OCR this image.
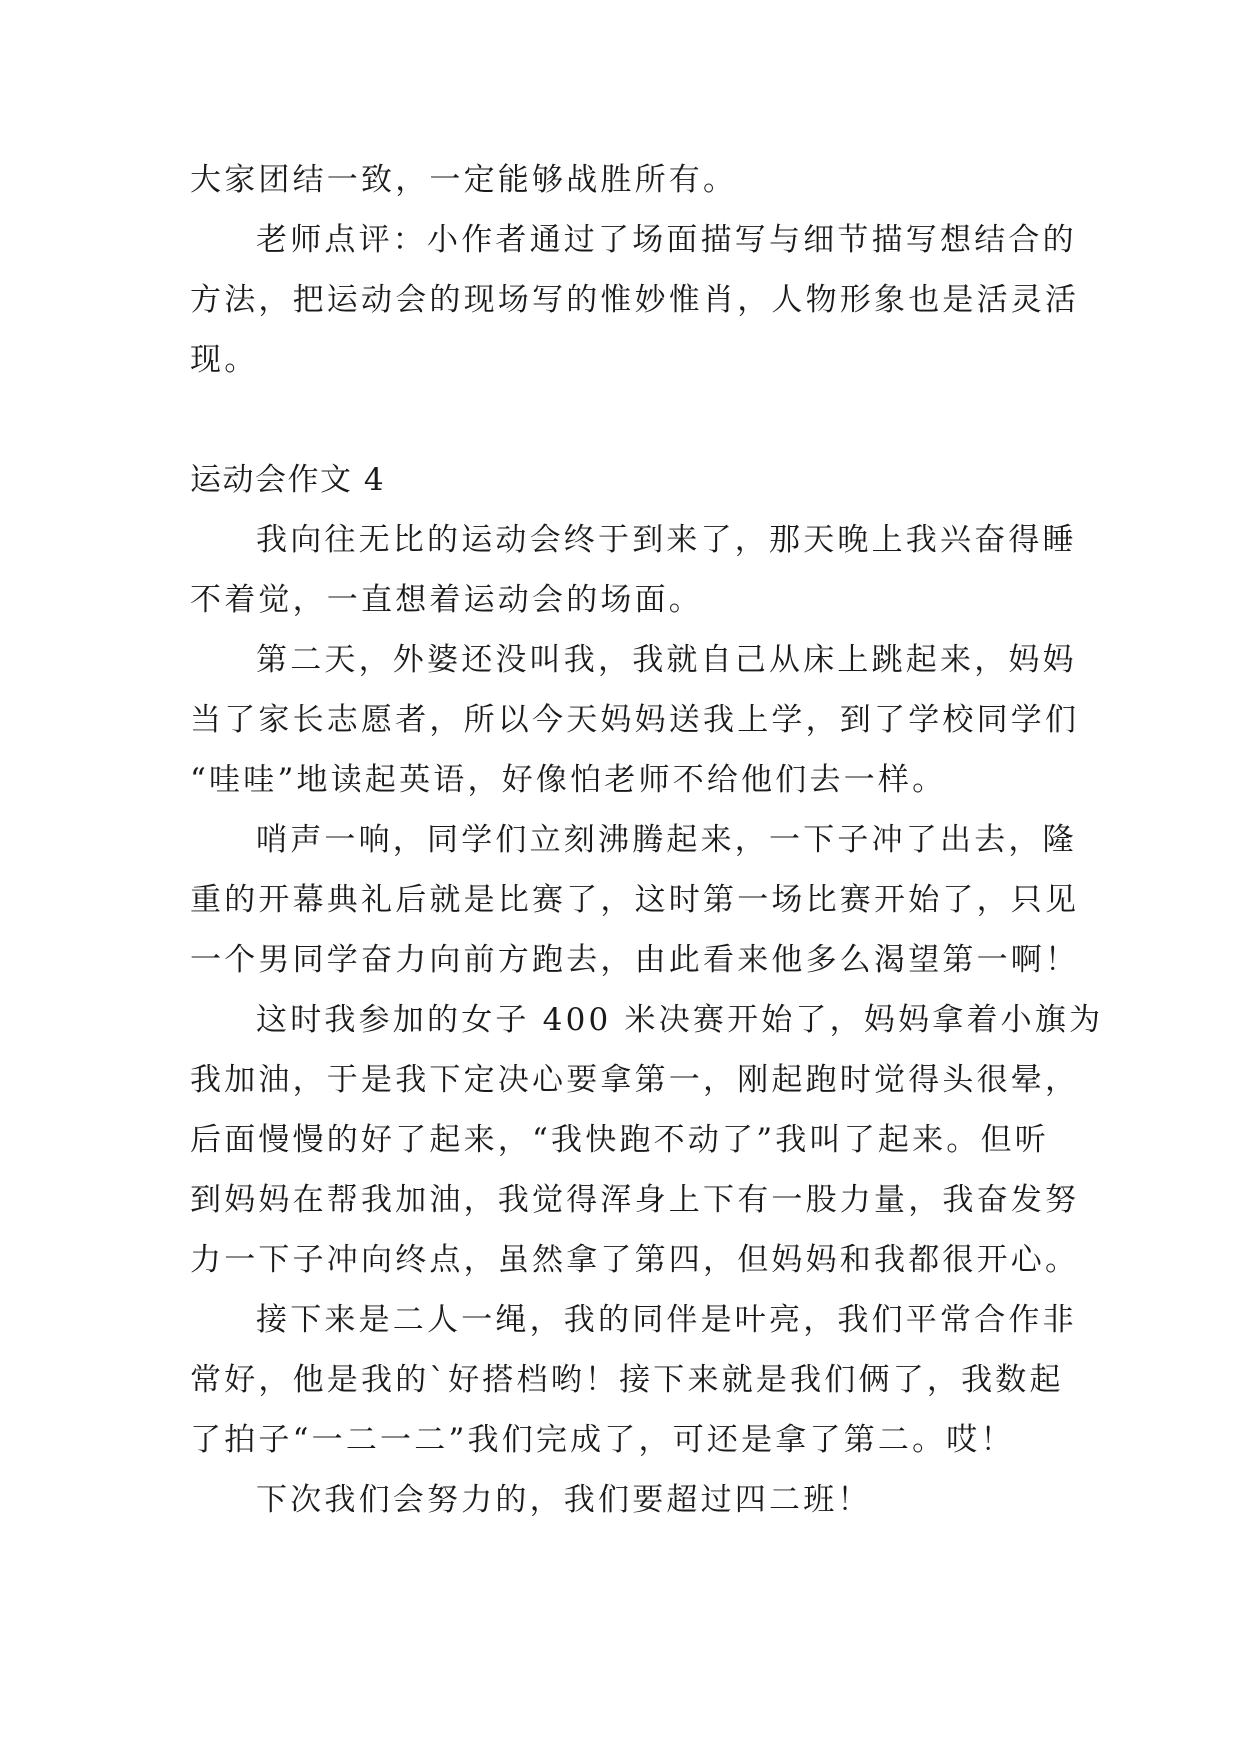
大家团结一致，一定能够战胜所有。
老师点评：小作者通过了场面描写与细节描写想结合的
方法，把运动会的现场写的惟妙惟肖，人物形象也是活灵活
现。
运动会作文 4
我向往无比的运动会终于到来了，那天晚上我兴奋得睡
不着觉，一直想着运动会的场面。
第二天，外婆还没叫我，我就自己从床上跳起来，妈妈
当了家长志愿者，所以今天妈妈送我上学，到了学校同学们
“哇哇”地读起英语，好像怕老师不给他们去一样。
哨声一响，同学们立刻沸腾起来，一下子冲了出去，隆
重的开幕典礼后就是比赛了，这时第一场比赛开始了，只见
一个男同学奋力向前方跑去，由此看来他多么渴望第一啊！
这时我参加的女子 400 米决赛开始了，妈妈拿着小旗为
我加油，于是我下定决心要拿第一，刚起跑时觉得头很晕，
后面慢慢的好了起来，“我快跑不动了”我叫了起来。但听
到妈妈在帮我加油，我觉得浑身上下有一股力量，我奋发努
力一下子冲向终点，虽然拿了第四，但妈妈和我都很开心。
接下来是二人一绳，我的同伴是叶亮，我们平常合作非
常好，他是我的`好搭档哟！接下来就是我们俩了，我数起
了拍子“一二一二”我们完成了，可还是拿了第二。哎！
下次我们会努力的，我们要超过四二班！
